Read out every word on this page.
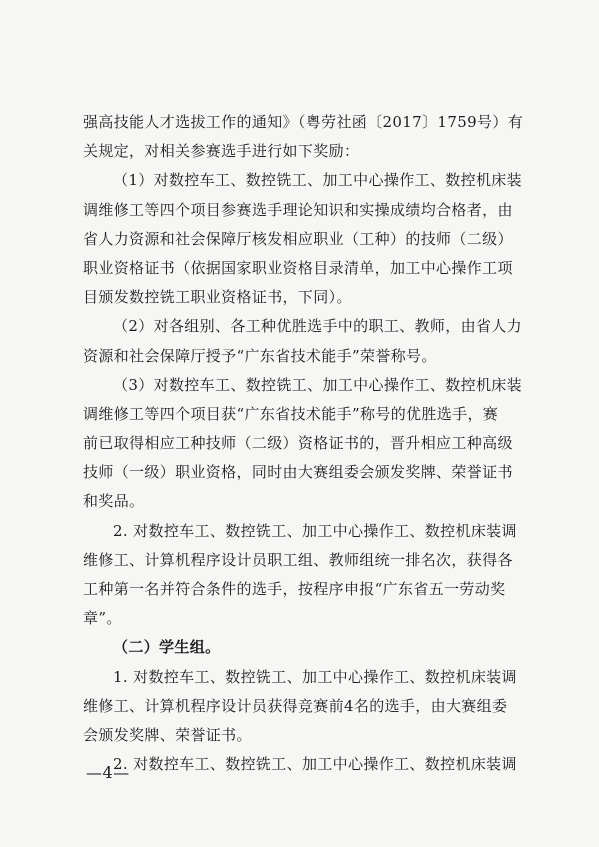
强高技能人才选拔工作的通知》（粤劳社函〔2017〕1759号）有
关规定，对相关参赛选手进行如下奖励：
（1）对数控车工、数控铣工、加工中心操作工、数控机床装
调维修工等四个项目参赛选手理论知识和实操成绩均合格者，由
省人力资源和社会保障厅核发相应职业（工种）的技师（二级）
职业资格证书（依据国家职业资格目录清单，加工中心操作工项
目颁发数控铣工职业资格证书，下同）。
（2）对各组别、各工种优胜选手中的职工、教师，由省人力
资源和社会保障厅授予“广东省技术能手”荣誉称号。
（3）对数控车工、数控铣工、加工中心操作工、数控机床装
调维修工等四个项目获“广东省技术能手”称号的优胜选手，赛
前已取得相应工种技师（二级）资格证书的，晋升相应工种高级
技师（一级）职业资格，同时由大赛组委会颁发奖牌、荣誉证书
和奖品。
2. 对数控车工、数控铣工、加工中心操作工、数控机床装调
维修工、计算机程序设计员职工组、教师组统一排名次，获得各
工种第一名并符合条件的选手，按程序申报“广东省五一劳动奖
章”。
（二）学生组。
1. 对数控车工、数控铣工、加工中心操作工、数控机床装调
维修工、计算机程序设计员获得竞赛前4名的选手，由大赛组委
会颁发奖牌、荣誉证书。
2. 对数控车工、数控铣工、加工中心操作工、数控机床装调
—4—
